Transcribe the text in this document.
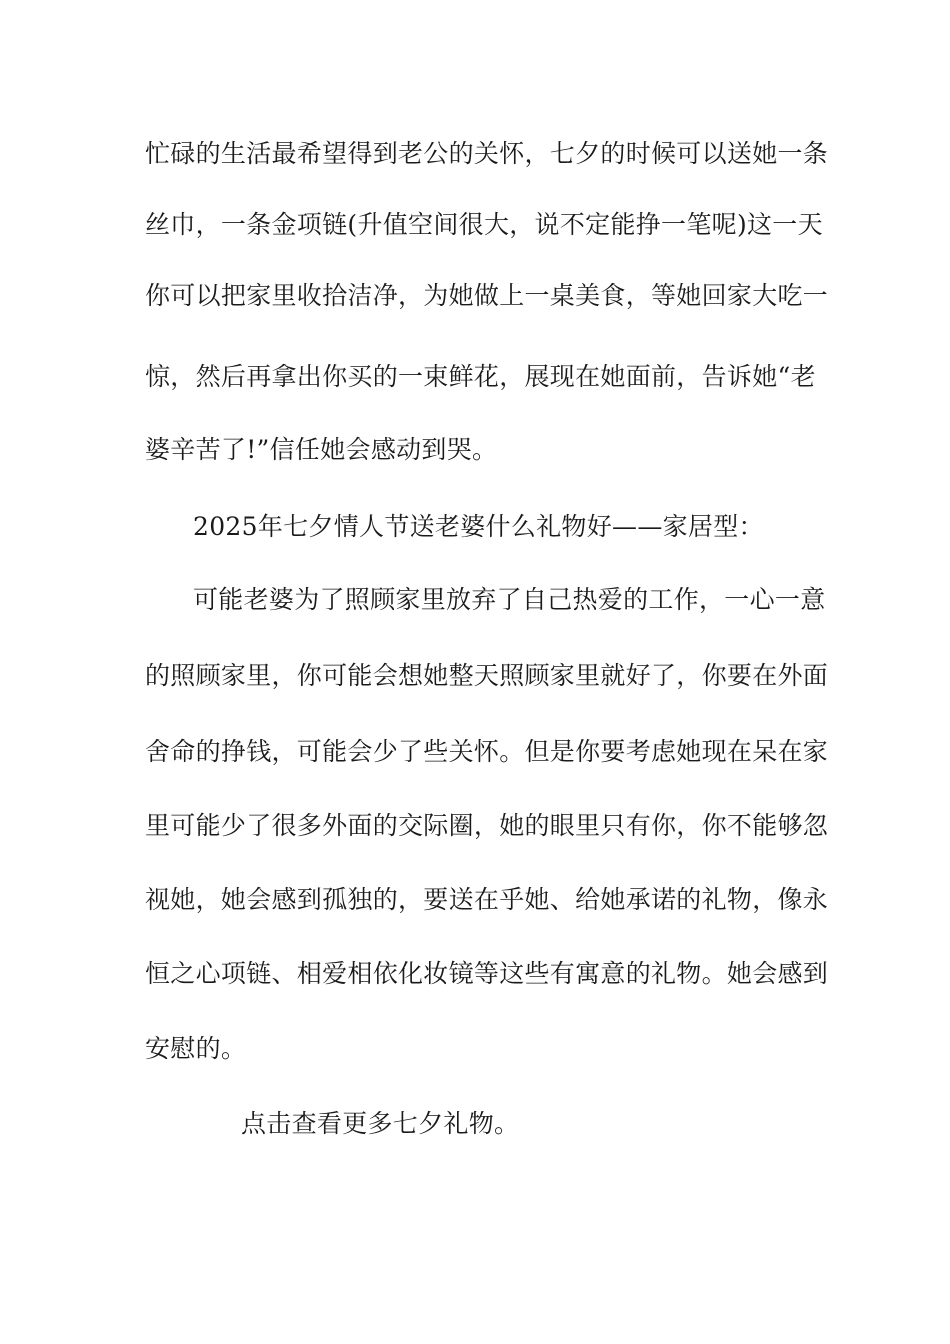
忙碌的生活最希望得到老公的关怀，七夕的时候可以送她一条
丝巾，一条金项链(升值空间很大，说不定能挣一笔呢)这一天
你可以把家里收拾洁净，为她做上一桌美食，等她回家大吃一
惊，然后再拿出你买的一束鲜花，展现在她面前，告诉她“老
婆辛苦了!”信任她会感动到哭。
2025年七夕情人节送老婆什么礼物好——家居型：
可能老婆为了照顾家里放弃了自己热爱的工作，一心一意
的照顾家里，你可能会想她整天照顾家里就好了，你要在外面
舍命的挣钱，可能会少了些关怀。但是你要考虑她现在呆在家
里可能少了很多外面的交际圈，她的眼里只有你，你不能够忽
视她，她会感到孤独的，要送在乎她、给她承诺的礼物，像永
恒之心项链、相爱相依化妆镜等这些有寓意的礼物。她会感到
安慰的。
点击查看更多七夕礼物。
